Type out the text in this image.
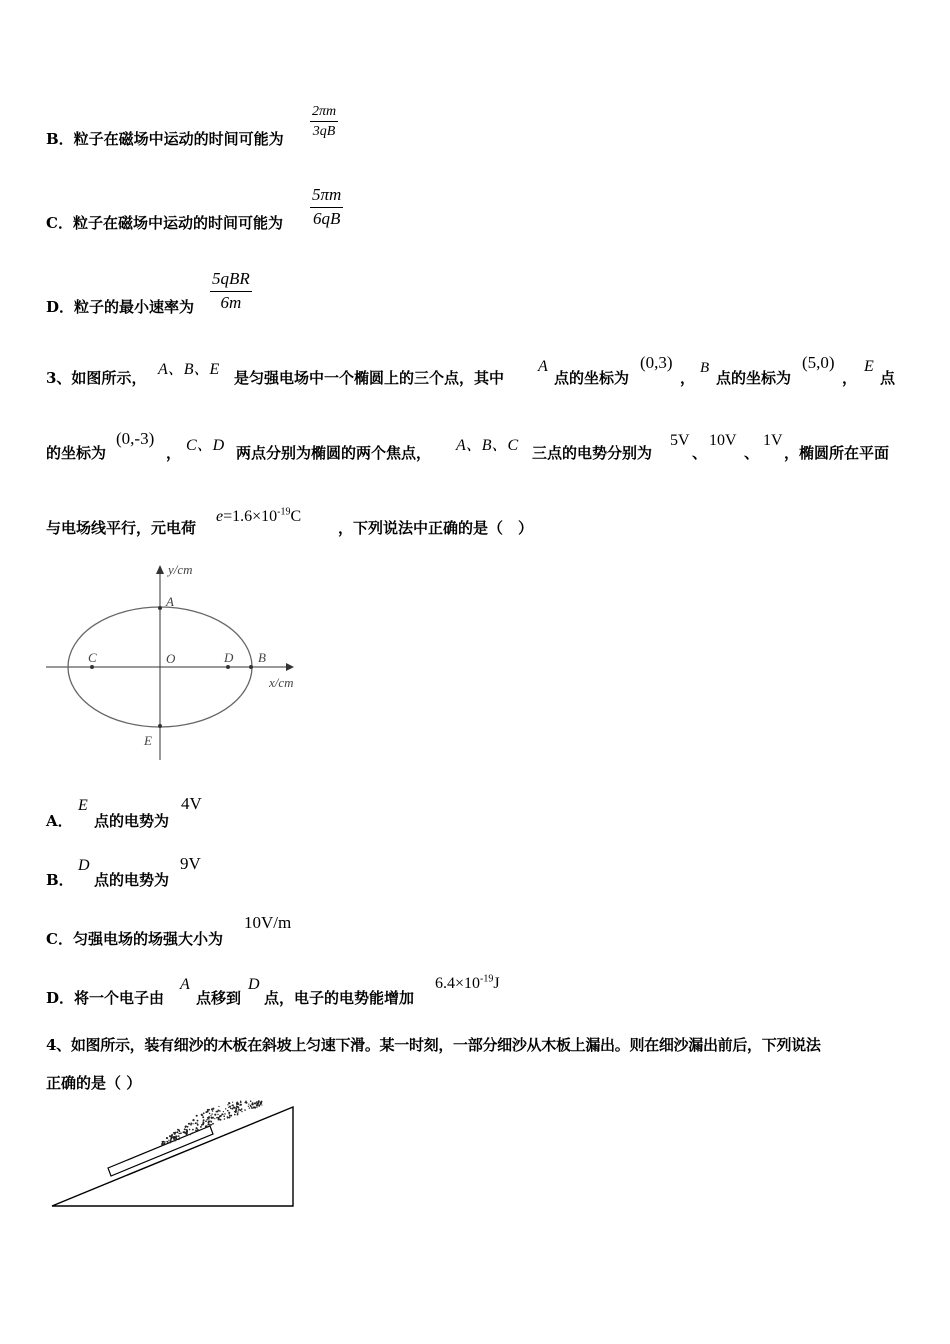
B．粒子在磁场中运动的时间可能为
2πm
3qB
C．粒子在磁场中运动的时间可能为
5πm
6qB
D．粒子的最小速率为
5qBR
6m
3、如图所示， A、B、E 是匀强电场中一个椭圆上的三个点，其中
A
点的坐标为
(0,3)
，
B
点的坐标为
(5,0)
，
E
点
的坐标为
(0,-3)
， C、D 两点分别为椭圆的两个焦点， A、B、C 三点的电势分别为
5V
、
10V
、
1V
，椭圆所在平面
与电场线平行，元电荷
$e=1.6\times 10^{-19}C$
，下列说法中正确的是（　）
y/cm
x/cm
A
B
C	D
O
E
A．
E
点的电势为
4V
B．
D
点的电势为
9V
C．匀强电场的场强大小为
10V/m
D．将一个电子由
A
点移到
D
点，电子的电势能增加
$6.4\times 10^{-19}J$
4、如图所示，装有细沙的木板在斜坡上匀速下滑。某一时刻，一部分细沙从木板上漏出。则在细沙漏出前后，下列说法
正确的是（ ）
